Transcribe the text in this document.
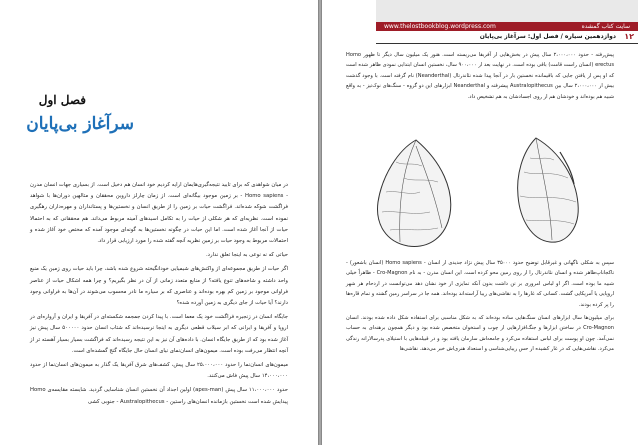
فصل اول
سرآغاز بی‌پایان

در میان شواهدی که برای تایید نتیجه‌گیری‌هایمان ارایه کردیم خود انسان هم دخیل است. از بسیاری جهات انسان مدرن - Homo sapiens - بر زمین موجود بیگانه‌ای است. از زمان چارلز داروین محققان و متالهین دوران‌ها با شواهد فراگشت شوکه شده‌اند. فراگشت حیات بر زمین را از طریق انسان و نخستین‌ها و پستانداران و مهره‌داران رهگیری نموده است. نظریه‌ای که هر شکلی از حیات را به تکامل اسیدهای آمینه مربوط می‌داند. هم محققانی که به احتمالا حیات از آنجا آغاز شده است. اما این حیات در چگونه نخستین‌ها به گونه‌ای موجود آمده که مختص خود آغاز شده و احتمالات مربوط به وجود حیات بر زمین نظریه آنچه گفته شده را مورد ارزیابی قرار داد.

حیاتی که نه نوعی به اینجا تعلق ندارد.

اگر حیات از طریق مجموعه‌ای از واکنش‌های شیمیایی خودانگیخته شروع شده باشد، چرا باید حیات روی زمین یک منبع واحد داشته و شاخه‌های تنوع یافته؟ از منابع متعدد زمانی از آن در نظر بگیریم؟ و چرا همه اشکال حیات از عناصر فراوانی موجود بر زمین کم بهره بوده‌اند و عناصری که بر سیاره ما نادر محسوب می‌شوند در آن‌ها به فراوانی وجود دارند؟ آیا حیات از جای دیگری به زمین آورده شده؟

جایگاه انسان در زنجیره فراگشت خود یک معما است. با پیدا کردن جمجمه شکسته‌ای در آفریقا و ایران و آرواره‌ای در اروپا و آفریقا و ایرانی که ابر سیلاب قطعی دیگری به اینجا نرسیده‌اند که شتاب انسان حدود ۵۰۰۰۰۰ سال پیش نیز آغاز شده بود که از طریق جایگاه انسان. با داده‌های آن نیز به این نتیجه رسیده‌اند که فراگشت بسیار بسیار آهسته تر از آنچه انتظار می‌رفت بوده است. میمون‌های انسان‌نمای نیای انسان حال جایگاه گنج گمشده‌ای است.

میمون‌های انسان‌نما را حدود ۲۵،۰۰۰،۰۰۰ سال پیش، کشف‌های شرق آفریقا یک گذار به میمون‌های انسان‌نما از حدود ۱۴،۰۰۰،۰۰۰ سال پیش فاش می‌کنند.

حدود ۱۱،۰۰۰،۰۰۰ سال پیش (apes-man) اولین اجداد آن نخستین انسان شناسایی گردید. شایسته مقایسه‌ی Homo پیدایش شده است نخستین بازمانده انسان‌های راستین - Australopithecus - جنوبی کشی

سایت کتاب گمشده
www.thelostbookblog.wordpress.com
۱۲
دوازدهمین سیاره / فصل اول: سرآغاز بی‌پایان

پیش‌رفته - حدود ۲،۰۰۰،۰۰۰ سال پیش در بخش‌هایی از آفریقا می‌زیسته است. هنوز یک میلیون سال دیگر تا ظهور Homo erectus (انسان راست قامت) باقی بوده است. در نهایت بعد از ۹۰۰،۰۰۰ سال، نخستین انسان ابتدایی نمودی ظاهر شده است که او پس از یافتن جایی که باقیمانده نخستین بار در آنجا پیدا شده نئاندرتال (Neanderthal) نام گرفته است. با وجود گذشت بیش از ۲،۰۰۰،۰۰۰ سال بین Australopithecus پیشرفته و Neanderthal ابزارهای این دو گروه - سنگ‌های نوک‌تیز - به واقع شبیه هم بوده‌اند و خودشان هم از روی اجسادشان به هم تشخیص داد.

سپس به شکلی ناگهانی و غیرقابل توضیح حدود ۳۵۰۰۰ سال پیش نژاد جدیدی از انسان - Homo sapiens (انسان باشعور) - تاکجا‌ناپ‌ظاهر شده و انسان نئاندرتال را از روی زمین محو کرده است. این انسان مدرن - به نام Cro-Magnon - ظاهراً خیلی شبیه ما بوده است. اگر او لباس امروزی بر تن داشت بدون آنکه تمایزی از خود نشان دهد می‌توانست در ازدحام هر شهر اروپایی یا آمریکایی گشت. کسانی که غارها را به نقاشی‌های زیبا آراسته‌اند بوده‌اند. همه جا در سراسر زمین گشته و تمام قاره‌ها را پر کرده بودند.

برای میلیون‌ها سال ابزارهای انسان سنگ‌هایی ساده بوده‌اند که به شکل مناسبی برای استفاده شکل داده شده بودند. انسان Cro-Magnon در ساختن ابزارها و جنگ‌افزارهایی از چوب و استخوان متخصص شده بود و دیگر همچون برهنه‌ای به حساب نمی‌آمد. چون او پوست برای لباس استفاده می‌کرد و جامعه‌اش سازمان یافته بود و در قبیله‌هایی با استیلای پدرسالارانه زندگی می‌کرد. نقاشی‌هایی که در غار کشیده از حس زیبایی‌شناسی و استعداد هنری‌اش خبر می‌دهد. نقاشی‌ها
